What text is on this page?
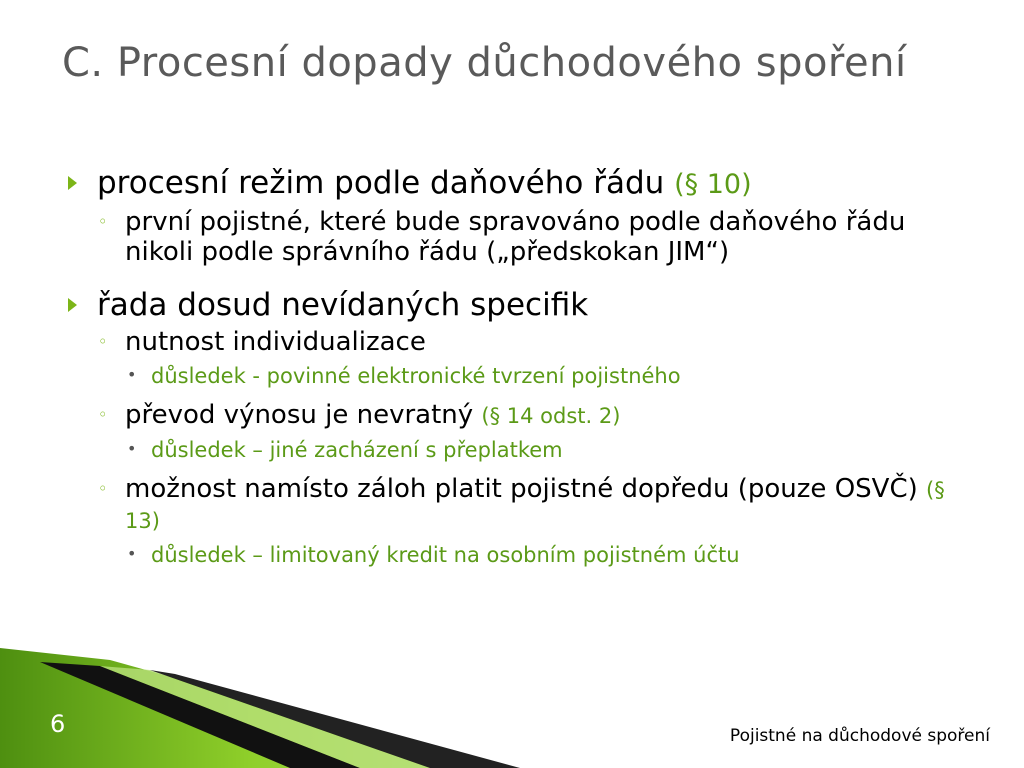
C. Procesní dopady důchodového spoření
procesní režim podle daňového řádu (§ 10)
◦ první pojistné, které bude spravováno podle daňového řádu nikoli podle správního řádu („předskokan JIM“)
řada dosud nevídaných specifik
◦ nutnost individualizace
• důsledek - povinné elektronické tvrzení pojistného
◦ převod výnosu je nevratný (§ 14 odst. 2)
• důsledek – jiné zacházení s přeplatkem
◦ možnost namísto záloh platit pojistné dopředu (pouze OSVČ) (§ 13)
• důsledek – limitovaný kredit na osobním pojistném účtu
6	Pojistné na důchodové spoření
